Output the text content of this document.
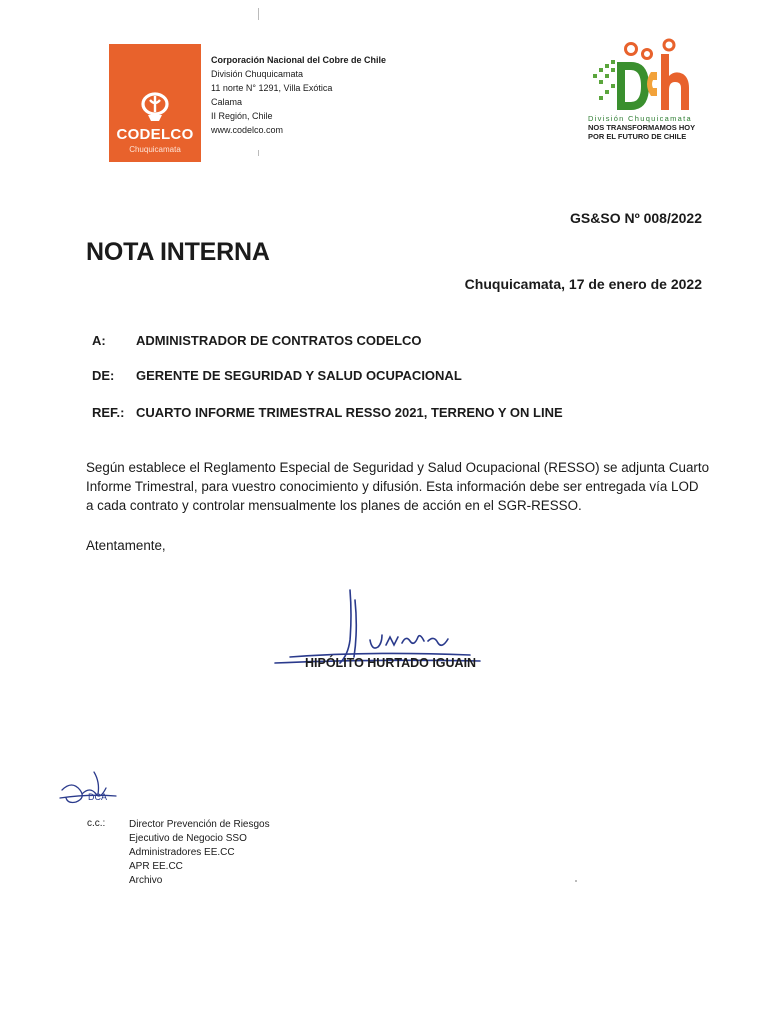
CODELCO
Chuquicamata
Corporación Nacional del Cobre de Chile
División Chuquicamata
11 norte N° 1291, Villa Exótica
Calama
II Región, Chile
www.codelco.com
División Chuquicamata
NOS TRANSFORMAMOS HOY
POR EL FUTURO DE CHILE
GS&SO Nº 008/2022
NOTA INTERNA
Chuquicamata, 17 de enero de 2022
A: ADMINISTRADOR DE CONTRATOS CODELCO
DE: GERENTE DE SEGURIDAD Y SALUD OCUPACIONAL
REF.: CUARTO INFORME TRIMESTRAL RESSO 2021, TERRENO Y ON LINE
Según establece el Reglamento Especial de Seguridad y Salud Ocupacional (RESSO) se adjunta Cuarto
Informe Trimestral, para vuestro conocimiento y difusión. Esta información debe ser entregada vía LOD
a cada contrato y controlar mensualmente los planes de acción en el SGR-RESSO.
Atentamente,
HIPÓLITO HURTADO IGUAIN
DCA
c.c.: Director Prevención de Riesgos
Ejecutivo de Negocio SSO
Administradores EE.CC
APR EE.CC
Archivo
